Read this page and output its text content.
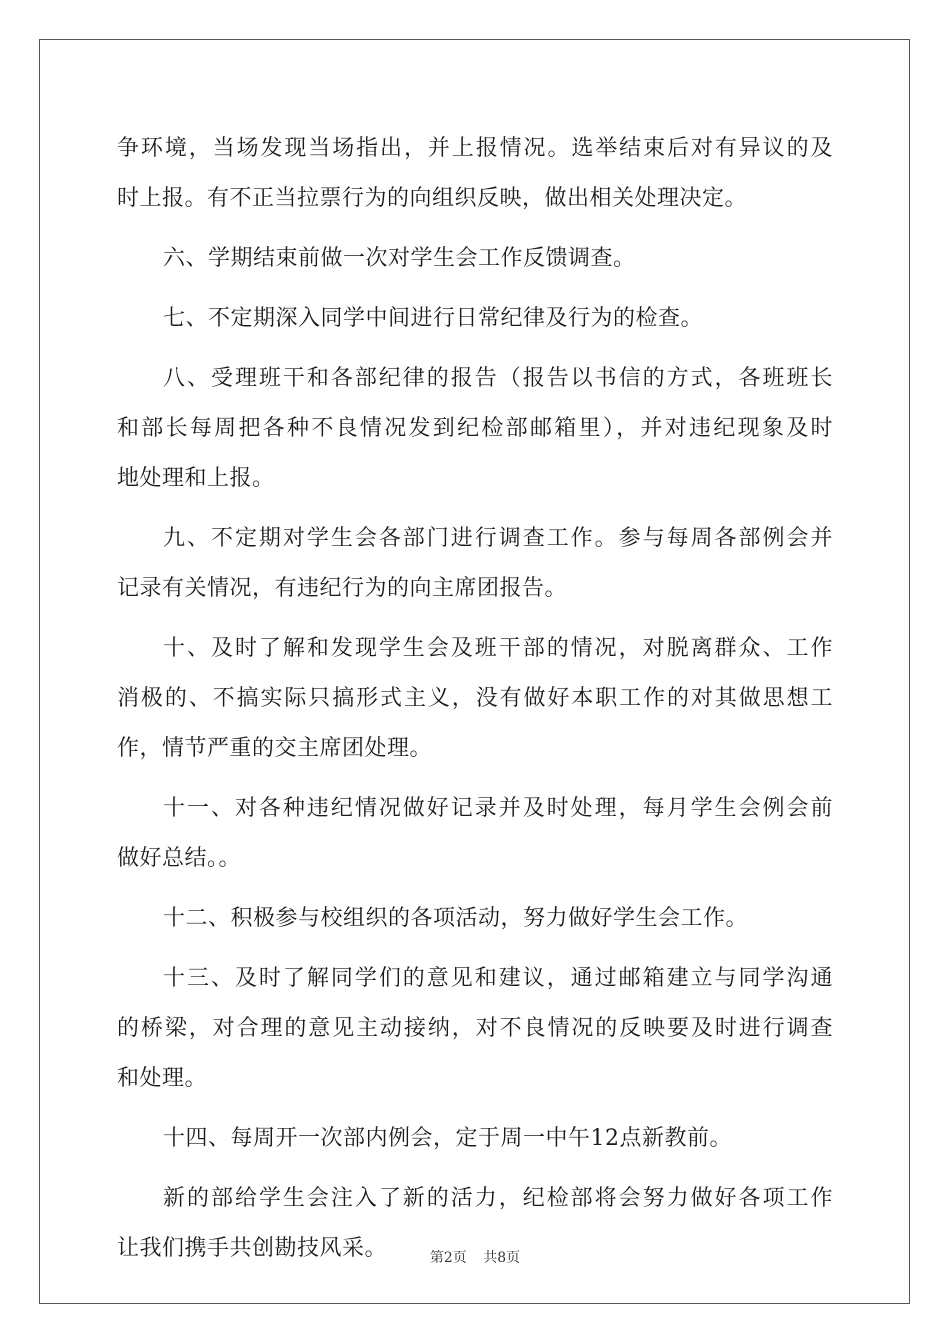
争环境，当场发现当场指出，并上报情况。选举结束后对有异议的及
时上报。有不正当拉票行为的向组织反映，做出相关处理决定。
六、学期结束前做一次对学生会工作反馈调查。
七、不定期深入同学中间进行日常纪律及行为的检查。
八、受理班干和各部纪律的报告（报告以书信的方式，各班班长
和部长每周把各种不良情况发到纪检部邮箱里），并对违纪现象及时
地处理和上报。
九、不定期对学生会各部门进行调查工作。参与每周各部例会并
记录有关情况，有违纪行为的向主席团报告。
十、及时了解和发现学生会及班干部的情况，对脱离群众、工作
消极的、不搞实际只搞形式主义，没有做好本职工作的对其做思想工
作，情节严重的交主席团处理。
十一、对各种违纪情况做好记录并及时处理，每月学生会例会前
做好总结。。
十二、积极参与校组织的各项活动，努力做好学生会工作。
十三、及时了解同学们的意见和建议，通过邮箱建立与同学沟通
的桥梁，对合理的意见主动接纳，对不良情况的反映要及时进行调查
和处理。
十四、每周开一次部内例会，定于周一中午12点新教前。
新的部给学生会注入了新的活力，纪检部将会努力做好各项工作
让我们携手共创勘技风采。	第2页 共8页
